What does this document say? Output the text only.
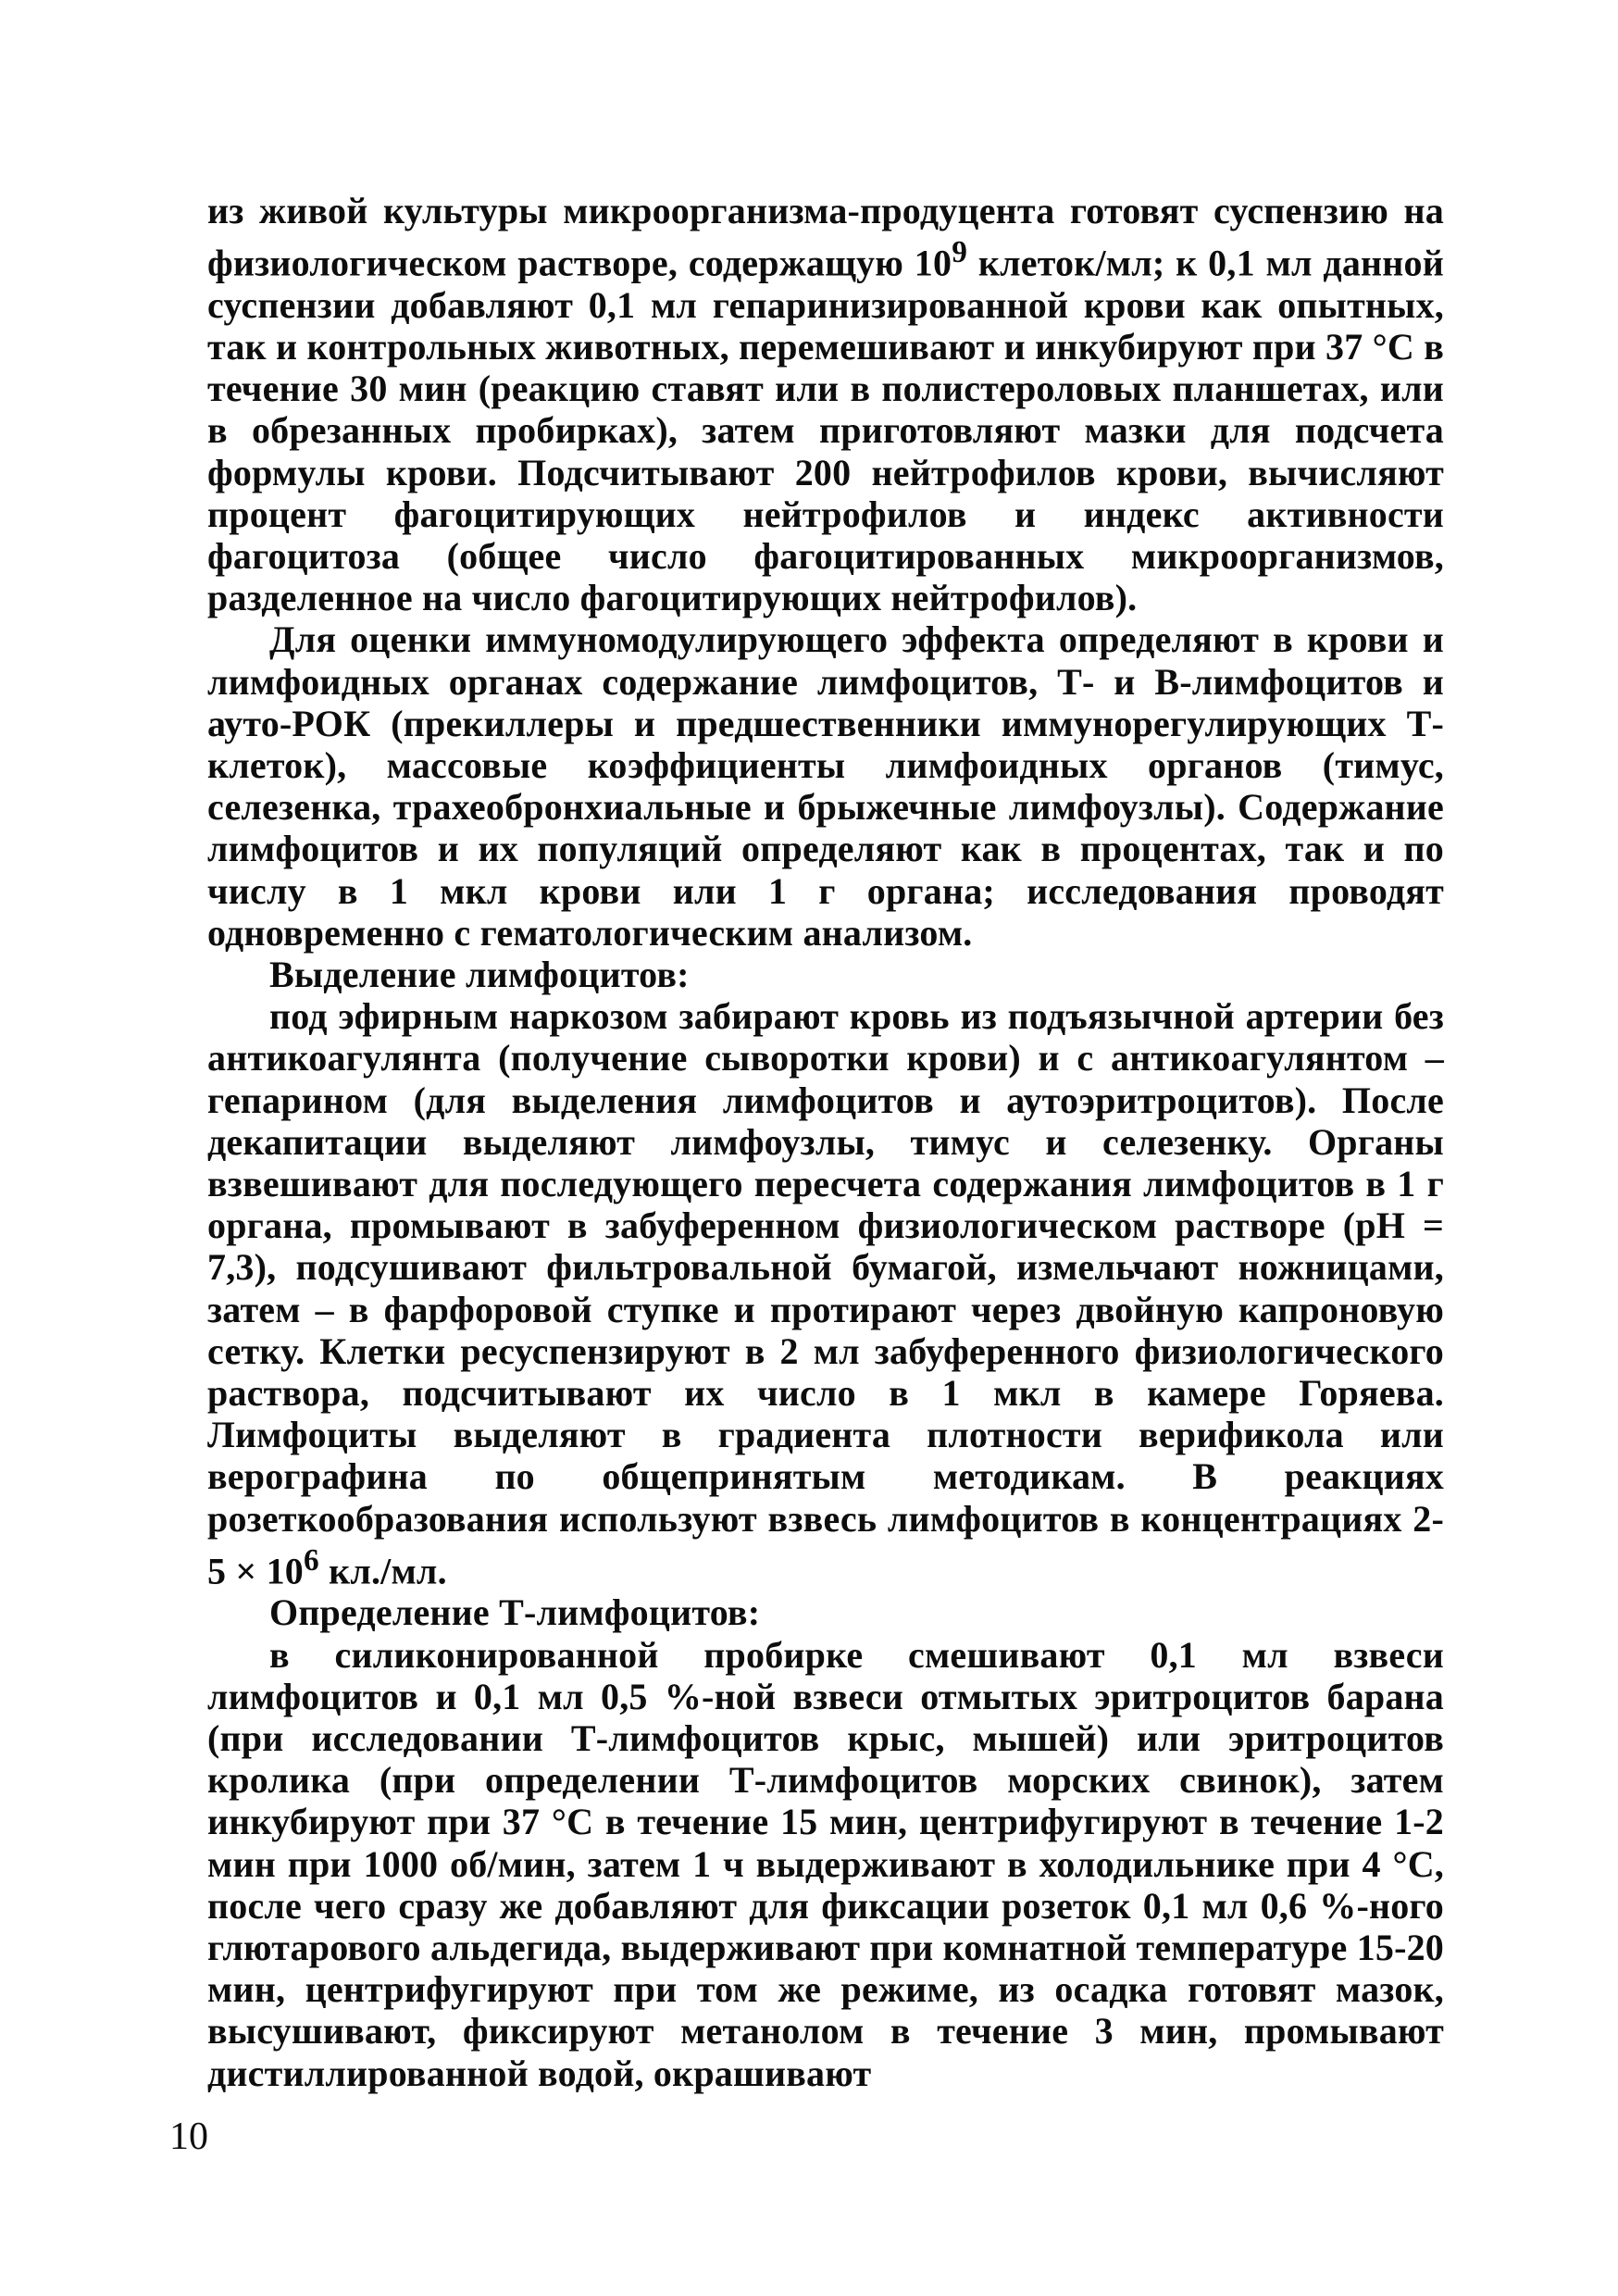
из живой культуры микроорганизма-продуцента готовят суспензию на физиологическом растворе, содержащую $10^9$ клеток/мл; к 0,1 мл данной суспензии добавляют 0,1 мл гепаринизированной крови как опытных, так и контрольных животных, перемешивают и инкубируют при 37 °С в течение 30 мин (реакцию ставят или в полистероловых планшетах, или в обрезанных пробирках), затем приготовляют мазки для подсчета формулы крови. Подсчитывают 200 нейтрофилов крови, вычисляют процент фагоцитирующих нейтрофилов и индекс активности фагоцитоза (общее число фагоцитированных микроорганизмов, разделенное на число фагоцитирующих нейтрофилов).

Для оценки иммуномодулирующего эффекта определяют в крови и лимфоидных органах содержание лимфоцитов, Т- и В-лимфоцитов и ауто-РОК (прекиллеры и предшественники иммунорегулирующих Т-клеток), массовые коэффициенты лимфоидных органов (тимус, селезенка, трахеобронхиальные и брыжечные лимфоузлы). Содержание лимфоцитов и их популяций определяют как в процентах, так и по числу в 1 мкл крови или 1 г органа; исследования проводят одновременно с гематологическим анализом.

Выделение лимфоцитов:

под эфирным наркозом забирают кровь из подъязычной артерии без антикоагулянта (получение сыворотки крови) и с антикоагулянтом – гепарином (для выделения лимфоцитов и аутоэритроцитов). После декапитации выделяют лимфоузлы, тимус и селезенку. Органы взвешивают для последующего пересчета содержания лимфоцитов в 1 г органа, промывают в забуференном физиологическом растворе (рН = 7,3), подсушивают фильтровальной бумагой, измельчают ножницами, затем – в фарфоровой ступке и протирают через двойную капроновую сетку. Клетки ресуспензируют в 2 мл забуференного физиологического раствора, подсчитывают их число в 1 мкл в камере Горяева. Лимфоциты выделяют в градиента плотности верификола или верографина по общепринятым методикам. В реакциях розеткообразования используют взвесь лимфоцитов в концентрациях $2-5 \times 10^6$ кл./мл.

Определение Т-лимфоцитов:

в силиконированной пробирке смешивают 0,1 мл взвеси лимфоцитов и 0,1 мл 0,5 %-ной взвеси отмытых эритроцитов барана (при исследовании Т-лимфоцитов крыс, мышей) или эритроцитов кролика (при определении Т-лимфоцитов морских свинок), затем инкубируют при 37 °С в течение 15 мин, центрифугируют в течение 1-2 мин при 1000 об/мин, затем 1 ч выдерживают в холодильнике при 4 °С, после чего сразу же добавляют для фиксации розеток 0,1 мл 0,6 %-ного глютарового альдегида, выдерживают при комнатной температуре 15-20 мин, центрифугируют при том же режиме, из осадка готовят мазок, высушивают, фиксируют метанолом в течение 3 мин, промывают дистиллированной водой, окрашивают

10
